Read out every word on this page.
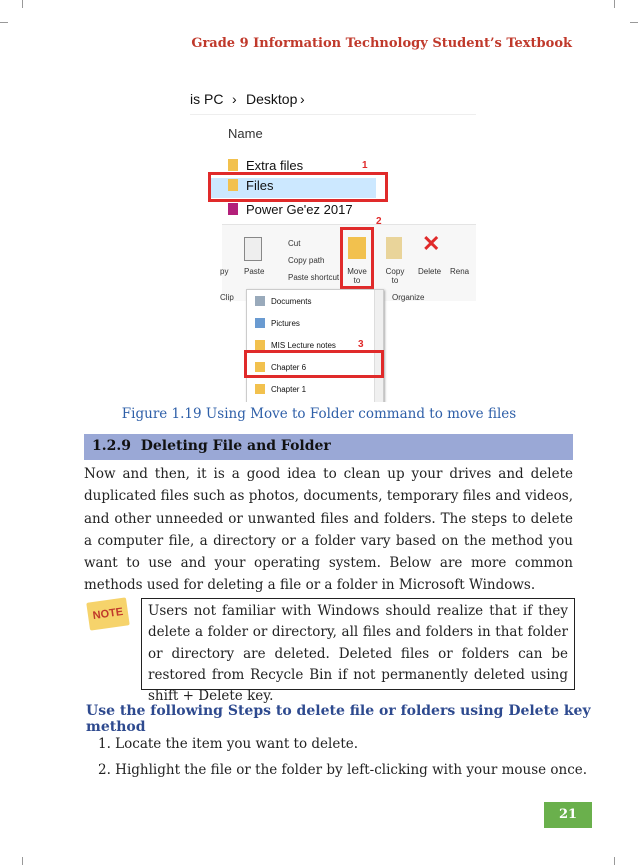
Grade 9 Information Technology Student’s Textbook
is PC › Desktop ›
Name
Extra files
Files
1
Power Ge'ez 2017
py Paste
Cut
Copy path
Paste shortcut
Move to
2
Copy to
✕
Delete Rena
Clip	Organize
Documents
Pictures
MIS Lecture notes
Chapter 6
Chapter 1
3
Figure 1.19 Using Move to Folder command to move files
1.2.9 Deleting File and Folder
Now and then, it is a good idea to clean up your drives and delete duplicated files such as photos, documents, temporary files and videos, and other unneeded or unwanted files and folders. The steps to delete a computer file, a directory or a folder vary based on the method you want to use and your operating system. Below are more common methods used for deleting a file or a folder in Microsoft Windows.
NOTE	Users not familiar with Windows should realize that if they delete a folder or directory, all files and folders in that folder or directory are deleted. Deleted files or folders can be restored from Recycle Bin if not permanently deleted using shift + Delete key.
Use the following Steps to delete file or folders using Delete key method
1. Locate the item you want to delete.
2. Highlight the file or the folder by left-clicking with your mouse once.
21
